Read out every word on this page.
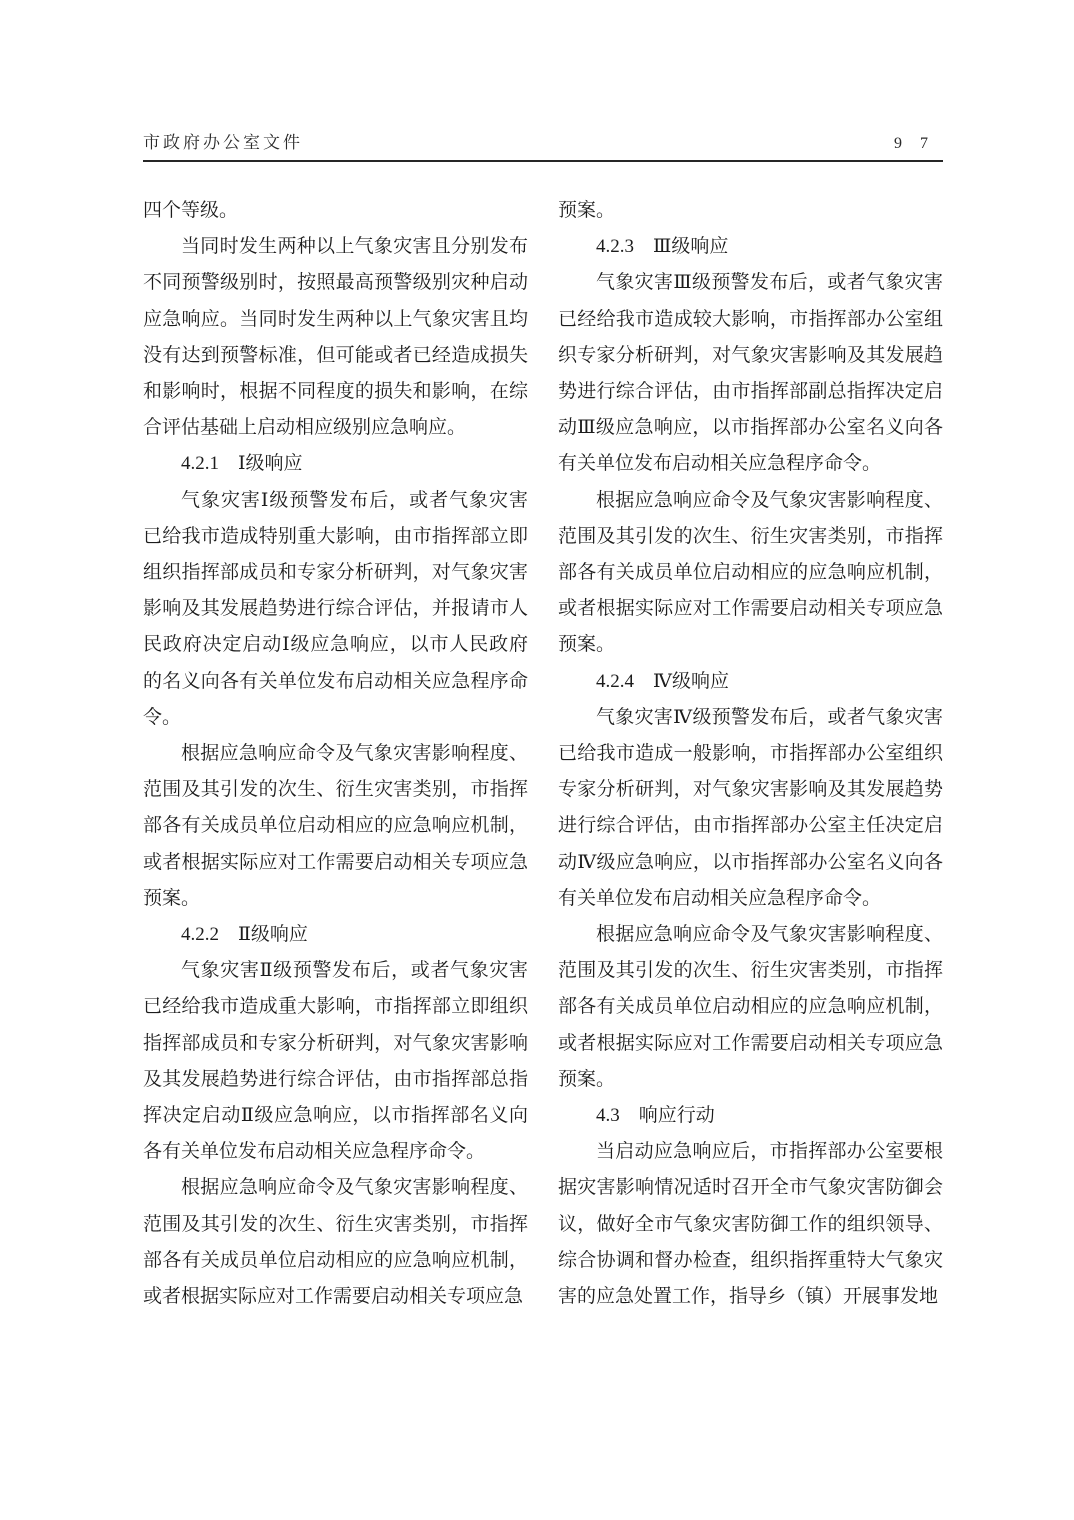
市政府办公室文件	9 7

四个等级。

当同时发生两种以上气象灾害且分别发布不同预警级别时，按照最高预警级别灾种启动应急响应。当同时发生两种以上气象灾害且均没有达到预警标准，但可能或者已经造成损失和影响时，根据不同程度的损失和影响，在综合评估基础上启动相应级别应急响应。

4.2.1　Ⅰ级响应

气象灾害Ⅰ级预警发布后，或者气象灾害已给我市造成特别重大影响，由市指挥部立即组织指挥部成员和专家分析研判，对气象灾害影响及其发展趋势进行综合评估，并报请市人民政府决定启动Ⅰ级应急响应，以市人民政府的名义向各有关单位发布启动相关应急程序命令。

根据应急响应命令及气象灾害影响程度、范围及其引发的次生、衍生灾害类别，市指挥部各有关成员单位启动相应的应急响应机制，或者根据实际应对工作需要启动相关专项应急预案。

4.2.2　Ⅱ级响应

气象灾害Ⅱ级预警发布后，或者气象灾害已经给我市造成重大影响，市指挥部立即组织指挥部成员和专家分析研判，对气象灾害影响及其发展趋势进行综合评估，由市指挥部总指挥决定启动Ⅱ级应急响应，以市指挥部名义向各有关单位发布启动相关应急程序命令。

根据应急响应命令及气象灾害影响程度、范围及其引发的次生、衍生灾害类别，市指挥部各有关成员单位启动相应的应急响应机制，或者根据实际应对工作需要启动相关专项应急

预案。

4.2.3　Ⅲ级响应

气象灾害Ⅲ级预警发布后，或者气象灾害已经给我市造成较大影响，市指挥部办公室组织专家分析研判，对气象灾害影响及其发展趋势进行综合评估，由市指挥部副总指挥决定启动Ⅲ级应急响应，以市指挥部办公室名义向各有关单位发布启动相关应急程序命令。

根据应急响应命令及气象灾害影响程度、范围及其引发的次生、衍生灾害类别，市指挥部各有关成员单位启动相应的应急响应机制，或者根据实际应对工作需要启动相关专项应急预案。

4.2.4　Ⅳ级响应

气象灾害Ⅳ级预警发布后，或者气象灾害已给我市造成一般影响，市指挥部办公室组织专家分析研判，对气象灾害影响及其发展趋势进行综合评估，由市指挥部办公室主任决定启动Ⅳ级应急响应，以市指挥部办公室名义向各有关单位发布启动相关应急程序命令。

根据应急响应命令及气象灾害影响程度、范围及其引发的次生、衍生灾害类别，市指挥部各有关成员单位启动相应的应急响应机制，或者根据实际应对工作需要启动相关专项应急预案。

4.3　响应行动

当启动应急响应后，市指挥部办公室要根据灾害影响情况适时召开全市气象灾害防御会议，做好全市气象灾害防御工作的组织领导、综合协调和督办检查，组织指挥重特大气象灾害的应急处置工作，指导乡（镇）开展事发地
